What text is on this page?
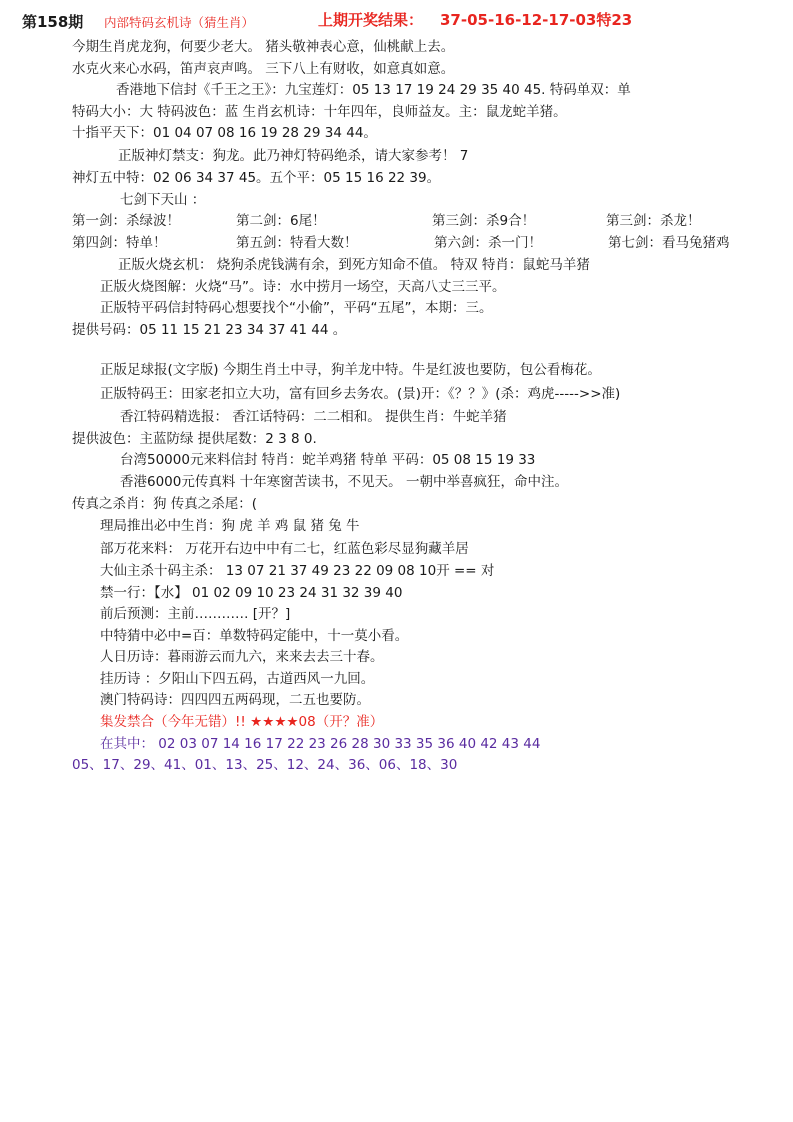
第158期 内部特码玄机诗（猜生肖）	上期开奖结果： 37-05-16-12-17-03特23
今期生肖虎龙狗，何要少老大。 猪头敬神表心意，仙桃献上去。
水克火来心水码，笛声哀声鸣。 三下八上有财收，如意真如意。
香港地下信封《千王之王》：九宝莲灯：05 13 17 19 24 29 35 40 45. 特码单双：单
特码大小：大 特码波色：蓝 生肖玄机诗：十年四年，良师益友。主：鼠龙蛇羊猪。
十指平天下：01 04 07 08 16 19 28 29 34 44。
正版神灯禁支：狗龙。此乃神灯特码绝杀，请大家参考！ 7
神灯五中特：02 06 34 37 45。五个平：05 15 16 22 39。
七剑下天山 ：
第一剑：杀绿波！	第二剑：6尾！	第三剑：杀9合！	第三剑：杀龙！
第四剑：特单！	第五剑：特看大数！	第六剑：杀一门！	第七剑：看马兔猪鸡
正版火烧玄机： 烧狗杀虎钱满有余，到死方知命不值。 特双 特肖：鼠蛇马羊猪
正版火烧图解：火烧“马”。诗：水中捞月一场空，天高八丈三三平。
正版特平码信封特码心想要找个“小偷”，平码“五尾”，本期：三。
提供号码：05 11 15 21 23 34 37 41 44 。
正版足球报(文字版) 今期生肖土中寻，狗羊龙中特。牛是红波也要防，包公看梅花。
正版特码王：田家老扣立大功，富有回乡去务农。(景)开：《？？》(杀：鸡虎----->>准)
香江特码精选报： 香江话特码：二二相和。 提供生肖：牛蛇羊猪
提供波色：主蓝防绿 提供尾数：2 3 8 0.
台湾50000元来料信封 特肖：蛇羊鸡猪 特单 平码：05 08 15 19 33
香港6000元传真料 十年寒窗苦读书，不见天。 一朝中举喜疯狂，命中注。
传真之杀肖：狗 传真之杀尾：(
理局推出必中生肖：狗 虎 羊 鸡 鼠 猪 兔 牛
部万花来料： 万花开右边中中有二七，红蓝色彩尽显狗藏羊居
大仙主杀十码主杀： 13 07 21 37 49 23 22 09 08 10开 == 对
禁一行：【水】 01 02 09 10 23 24 31 32 39 40
前后预测：主前………… [开？]
中特猜中必中=百：单数特码定能中，十一莫小看。
人日历诗：暮雨游云而九六，来来去去三十春。
挂历诗 ：夕阳山下四五码，古道西风一九回。
澳门特码诗：四四四五两码现，二五也要防。
集发禁合（今年无错）!! ★★★★08（开？准）
在其中： 02 03 07 14 16 17 22 23 26 28 30 33 35 36 40 42 43 44
05、17、29、41、01、13、25、12、24、36、06、18、30
